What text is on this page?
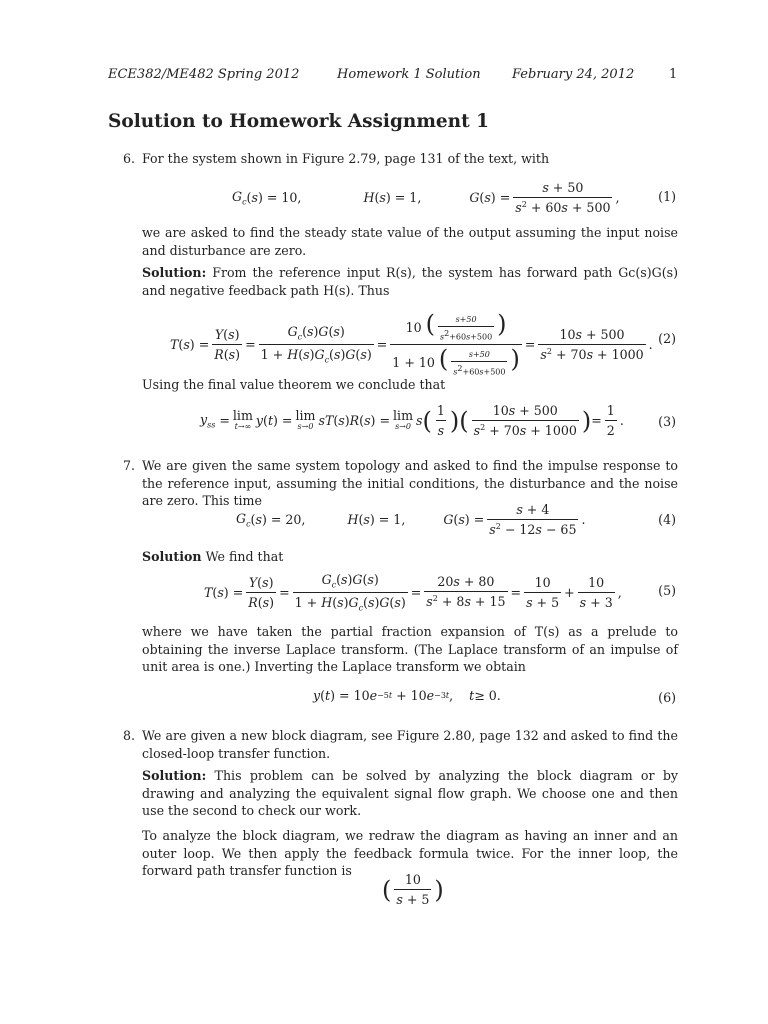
ECE382/ME482 Spring 2012	Homework 1 Solution February 24, 2012	1
Solution to Homework Assignment 1
6. For the system shown in Figure 2.79, page 131 of the text, with
$G_c$ ( s ) = 10,	H ( s ) = 1,	G ( s ) = $\frac{s + 50}{s^2 + 60s + 500}$ ,	(1)
we are asked to find the steady state value of the output assuming the input noise and disturbance are zero.
Solution: From the reference input R(s), the system has forward path Gc(s)G(s) and negative feedback path H(s). Thus
T ( s ) = $\frac{Y(s)}{R(s)} = \frac{G_c(s)G(s)}{1 + H(s)G_c(s)G(s)} = \frac{10 ( \frac{s+50}{s^2+60s+500} )}{1 + 10 ( \frac{s+50}{s^2+60s+500} )} = \frac{10s + 500}{s^2 + 70s + 1000}$ . (2)
Using the final value theorem we conclude that
$y_{ss} = \lim$
t→∞ y ( t ) = lim
s→0 sT ( s ) R ( s ) = lim
s→0 s ( $\frac{1}{s}$ ) ( $\frac{10s + 500}{s^2 + 70s + 1000}$ ) = $\frac{1}{2}$ .	(3)
7. We are given the same system topology and asked to find the impulse response to the reference input, assuming the initial conditions, the disturbance and the noise are zero. This time
$G_c$ ( s ) = 20,	H ( s ) = 1,	G ( s ) = $\frac{s + 4}{s^2 - 12s - 65}$ .	(4)
Solution We find that
T ( s ) = $\frac{Y(s)}{R(s)} = \frac{G_c(s)G(s)}{1 + H(s)G_c(s)G(s)} = \frac{20s + 80}{s^2 + 8s + 15} = \frac{10}{s + 5} + \frac{10}{s + 3}$ ,	(5)
where we have taken the partial fraction expansion of T(s) as a prelude to obtaining the inverse Laplace transform. (The Laplace transform of an impulse of unit area is one.) Inverting the Laplace transform we obtain
y ( t ) = 10 e −5t + 10 e −3t , t ≥ 0.	(6)
8. We are given a new block diagram, see Figure 2.80, page 132 and asked to find the closed-loop transfer function.
Solution: This problem can be solved by analyzing the block diagram or by drawing and analyzing the equivalent signal flow graph. We choose one and then use the second to check our work.
To analyze the block diagram, we redraw the diagram as having an inner and an outer loop. We then apply the feedback formula twice. For the inner loop, the forward path transfer function is
( $\frac{10}{s + 5}$ )
